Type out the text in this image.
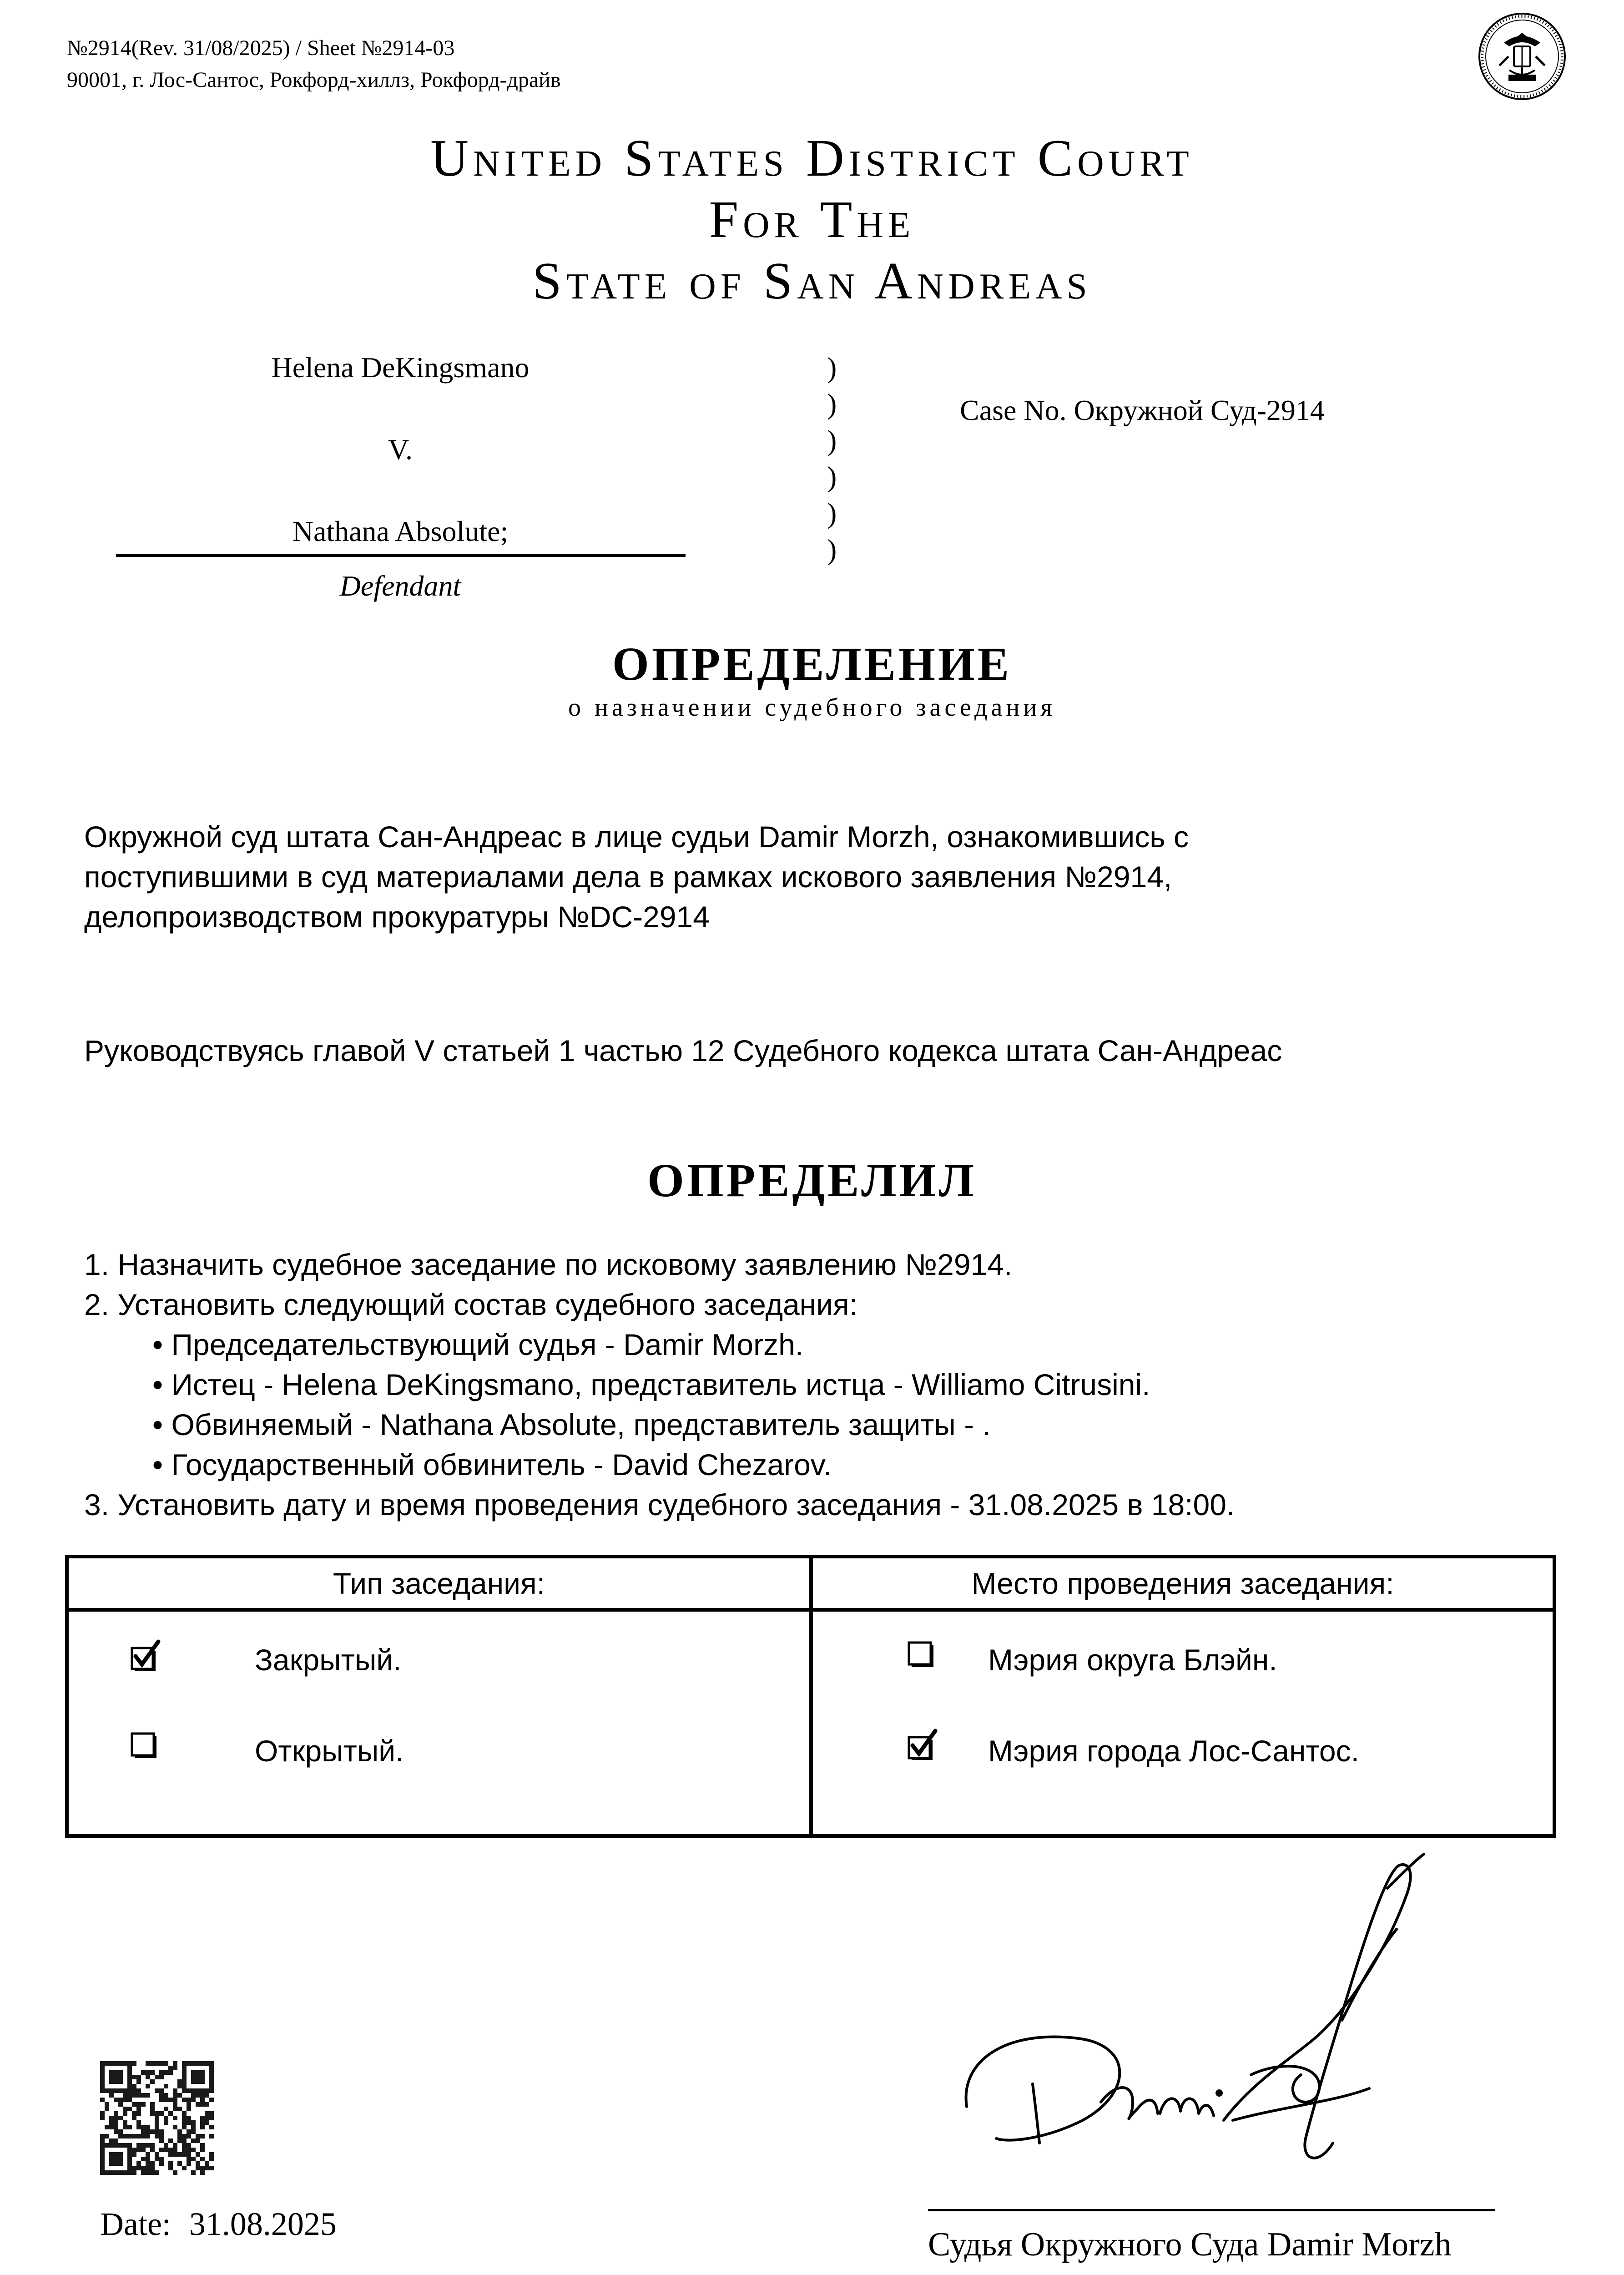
№2914(Rev. 31/08/2025) / Sheet №2914-03
90001, г. Лос-Сантос, Рокфорд-хиллз, Рокфорд-драйв
United States District Court
For The
State of San Andreas
Helena DeKingsmano
V.
Nathana Absolute;
Defendant
)
)
)
)
)
)
Case No. Окружной Суд-2914
ОПРЕДЕЛЕНИЕ
о назначении судебного заседания
Окружной суд штата Сан-Андреас в лице судьи Damir Morzh, ознакомившись с
поступившими в суд материалами дела в рамках искового заявления №2914,
делопроизводством прокуратуры №DC-2914
Руководствуясь главой V статьей 1 частью 12 Судебного кодекса штата Сан-Андреас
ОПРЕДЕЛИЛ
1. Назначить судебное заседание по исковому заявлению №2914.
2. Установить следующий состав судебного заседания:
• Председательствующий судья - Damir Morzh.
• Истец - Helena DeKingsmano, представитель истца - Williamo Citrusini.
• Обвиняемый - Nathana Absolute, представитель защиты - .
• Государственный обвинитель - David Chezarov.
3. Установить дату и время проведения судебного заседания - 31.08.2025 в 18:00.
Тип заседания:	Место проведения заседания:
Закрытый.
Открытый.
Мэрия округа Блэйн.
Мэрия города Лос-Сантос.
Date: 31.08.2025
Судья Окружного Суда Damir Morzh
